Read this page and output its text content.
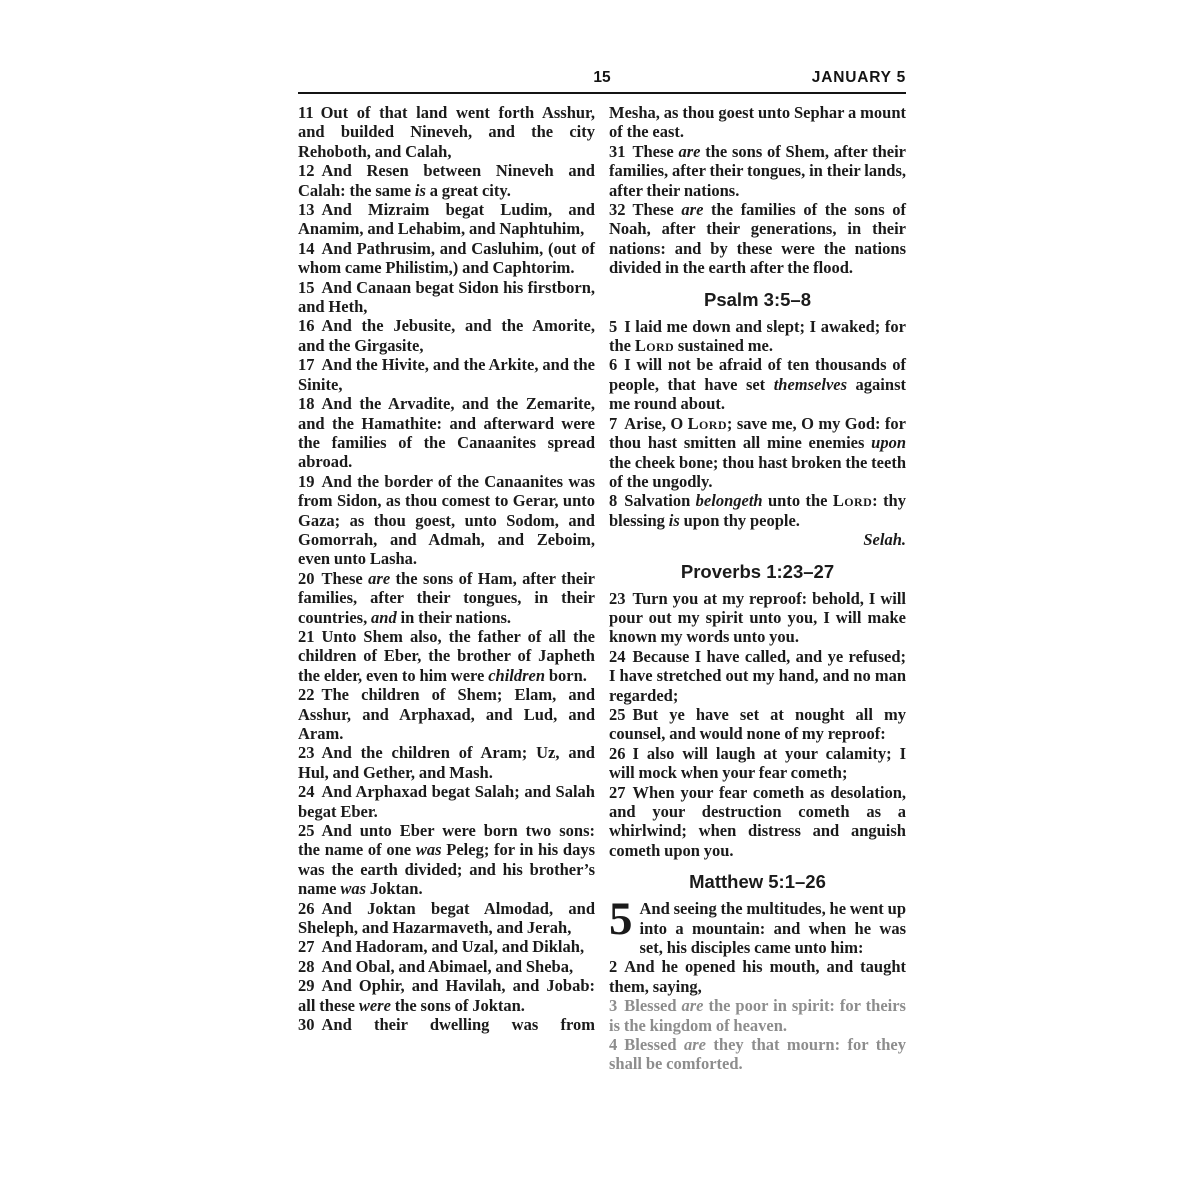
15	JANUARY 5

11 Out of that land went forth Asshur, and builded Nineveh, and the city Rehoboth, and Calah,

12 And Resen between Nineveh and Calah: the same is a great city.

13 And Mizraim begat Ludim, and Anamim, and Lehabim, and Naphtuhim,

14 And Pathrusim, and Casluhim, (out of whom came Philistim,) and Caphtorim.

15 And Canaan begat Sidon his firstborn, and Heth,

16 And the Jebusite, and the Amorite, and the Girgasite,

17 And the Hivite, and the Arkite, and the Sinite,

18 And the Arvadite, and the Zemarite, and the Hamathite: and afterward were the families of the Canaanites spread abroad.

19 And the border of the Canaanites was from Sidon, as thou comest to Gerar, unto Gaza; as thou goest, unto Sodom, and Gomorrah, and Admah, and Zeboim, even unto Lasha.

20 These are the sons of Ham, after their families, after their tongues, in their countries, and in their nations.

21 Unto Shem also, the father of all the children of Eber, the brother of Japheth the elder, even to him were children born.

22 The children of Shem; Elam, and Asshur, and Arphaxad, and Lud, and Aram.

23 And the children of Aram; Uz, and Hul, and Gether, and Mash.

24 And Arphaxad begat Salah; and Salah begat Eber.

25 And unto Eber were born two sons: the name of one was Peleg; for in his days was the earth divided; and his brother’s name was Joktan.

26 And Joktan begat Almodad, and Sheleph, and Hazarmaveth, and Jerah,

27 And Hadoram, and Uzal, and Diklah,

28 And Obal, and Abimael, and Sheba,

29 And Ophir, and Havilah, and Jobab: all these were the sons of Joktan.

30 And their dwelling was from

Mesha, as thou goest unto Sephar a mount of the east.

31 These are the sons of Shem, after their families, after their tongues, in their lands, after their nations.

32 These are the families of the sons of Noah, after their generations, in their nations: and by these were the nations divided in the earth after the flood.

Psalm 3:5–8

5 I laid me down and slept; I awaked; for the Lord sustained me.

6 I will not be afraid of ten thousands of people, that have set themselves against me round about.

7 Arise, O Lord; save me, O my God: for thou hast smitten all mine enemies upon the cheek bone; thou hast broken the teeth of the ungodly.

8 Salvation belongeth unto the Lord: thy blessing is upon thy people.

Selah.

Proverbs 1:23–27

23 Turn you at my reproof: behold, I will pour out my spirit unto you, I will make known my words unto you.

24 Because I have called, and ye refused; I have stretched out my hand, and no man regarded;

25 But ye have set at nought all my counsel, and would none of my reproof:

26 I also will laugh at your calamity; I will mock when your fear cometh;

27 When your fear cometh as desolation, and your destruction cometh as a whirlwind; when distress and anguish cometh upon you.

Matthew 5:1–26

5 And seeing the multitudes, he went up into a mountain: and when he was set, his disciples came unto him:

2 And he opened his mouth, and taught them, saying,

3 Blessed are the poor in spirit: for theirs is the kingdom of heaven.

4 Blessed are they that mourn: for they shall be comforted.
